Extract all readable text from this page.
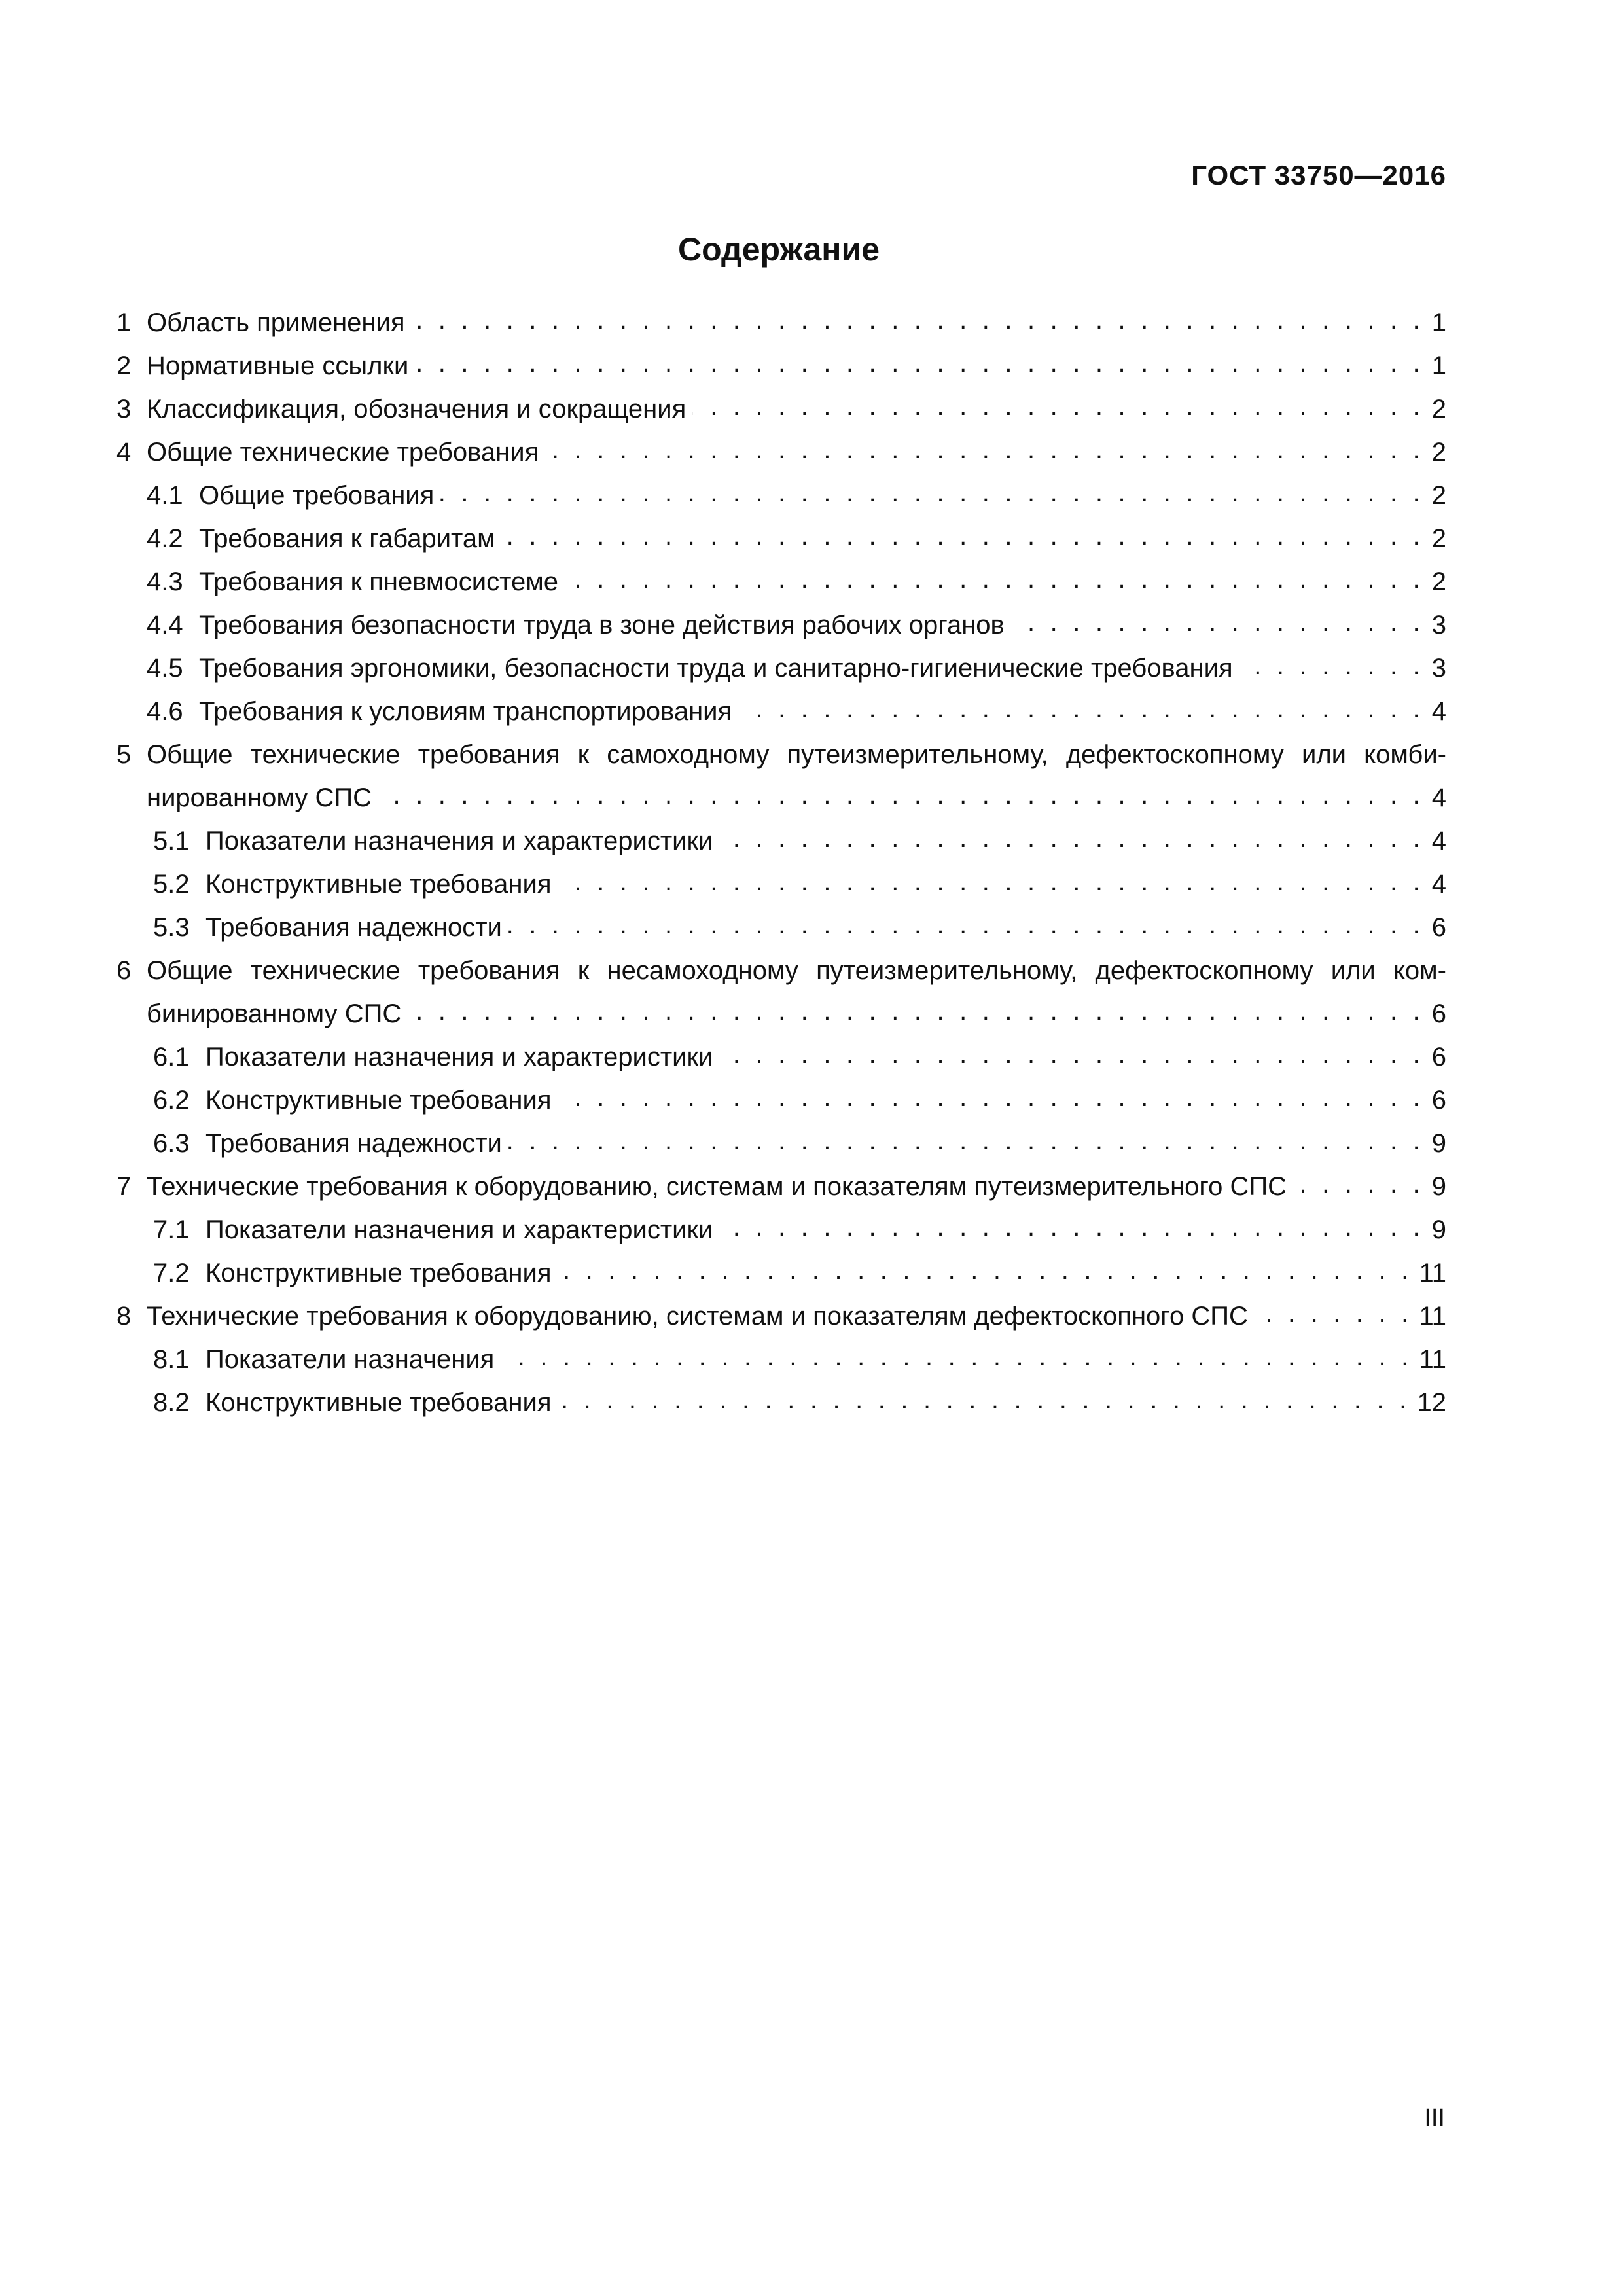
ГОСТ 33750—2016
Содержание
1 Область применения . . .	1
2 Нормативные ссылки . . .	1
3 Классификация, обозначения и сокращения . . .	2
4 Общие технические требования . . .	2
4.1 Общие требования . . .	2
4.2 Требования к габаритам . . .	2
4.3 Требования к пневмосистеме . . .	2
4.4 Требования безопасности труда в зоне действия рабочих органов . . .	3
4.5 Требования эргономики, безопасности труда и санитарно-гигиенические требования . . .	3
4.6 Требования к условиям транспортирования . . .	4
5 Общие технические требования к самоходному путеизмерительному, дефектоскопному или комби-
нированному СПС . . .	4
5.1 Показатели назначения и характеристики . . .	4
5.2 Конструктивные требования . . .	4
5.3 Требования надежности . . .	6
6 Общие технические требования к несамоходному путеизмерительному, дефектоскопному или ком-
бинированному СПС . . .	6
6.1 Показатели назначения и характеристики . . .	6
6.2 Конструктивные требования . . .	6
6.3 Требования надежности . . .	9
7 Технические требования к оборудованию, системам и показателям путеизмерительного СПС . . .	9
7.1 Показатели назначения и характеристики . . .	9
7.2 Конструктивные требования . . .	11
8 Технические требования к оборудованию, системам и показателям дефектоскопного СПС . . .	11
8.1 Показатели назначения . . .	11
8.2 Конструктивные требования . . .	12
III
